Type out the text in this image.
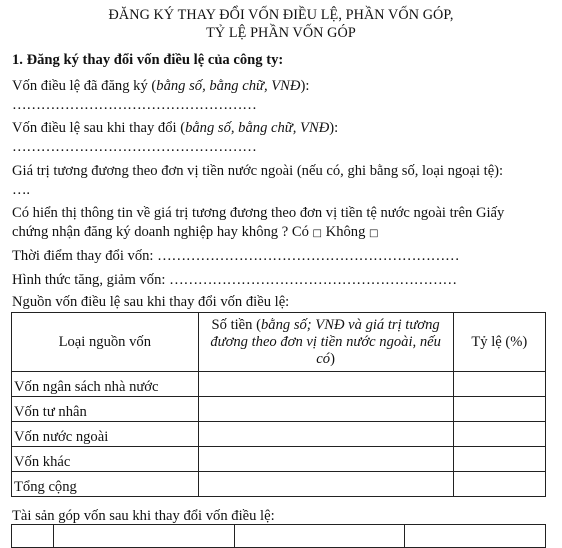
ĐĂNG KÝ THAY ĐỔI VỐN ĐIỀU LỆ, PHẦN VỐN GÓP,
TỶ LỆ PHẦN VỐN GÓP
1. Đăng ký thay đổi vốn điều lệ của công ty:
Vốn điều lệ đã đăng ký (bằng số, bằng chữ, VNĐ):
……………………………………………
Vốn điều lệ sau khi thay đổi (bằng số, bằng chữ, VNĐ):
……………………………………………
Giá trị tương đương theo đơn vị tiền nước ngoài (nếu có, ghi bằng số, loại ngoại tệ):
….
Có hiển thị thông tin về giá trị tương đương theo đơn vị tiền tệ nước ngoài trên Giấy
chứng nhận đăng ký doanh nghiệp hay không ? Có □ Không □
Thời điểm thay đổi vốn: ………………………………………………………
Hình thức tăng, giảm vốn: ……………………………………………………
Nguồn vốn điều lệ sau khi thay đổi vốn điều lệ:
Loại nguồn vốn	Số tiền (bằng số; VNĐ và giá trị tương đương theo đơn vị tiền nước ngoài, nếu có)	Tỷ lệ (%)
Vốn ngân sách nhà nước		
Vốn tư nhân		
Vốn nước ngoài		
Vốn khác		
Tổng cộng		
Tài sản góp vốn sau khi thay đổi vốn điều lệ:
